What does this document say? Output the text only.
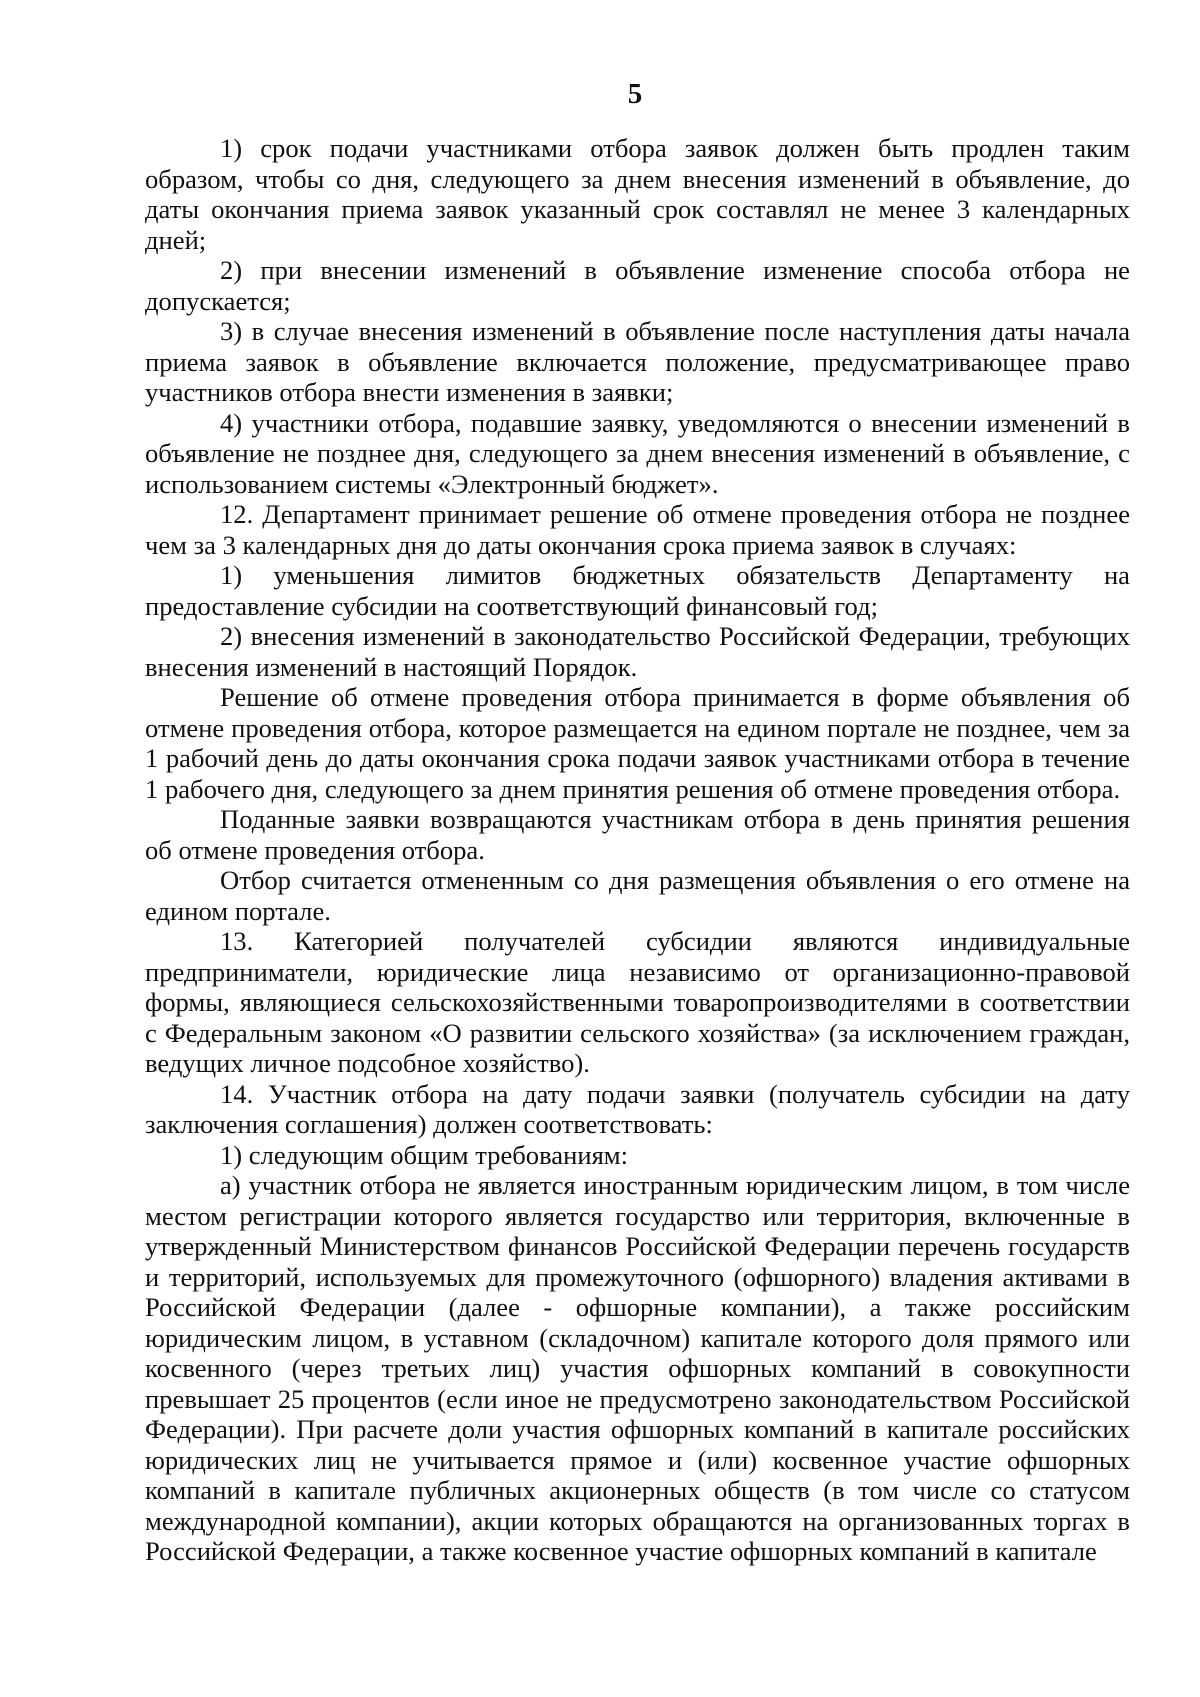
5

1) срок подачи участниками отбора заявок должен быть продлен таким образом, чтобы со дня, следующего за днем внесения изменений в объявление, до даты окончания приема заявок указанный срок составлял не менее 3 календарных дней;

2) при внесении изменений в объявление изменение способа отбора не допускается;

3) в случае внесения изменений в объявление после наступления даты начала приема заявок в объявление включается положение, предусматривающее право участников отбора внести изменения в заявки;

4) участники отбора, подавшие заявку, уведомляются о внесении изменений в объявление не позднее дня, следующего за днем внесения изменений в объявление, с использованием системы «Электронный бюджет».

12. Департамент принимает решение об отмене проведения отбора не позднее чем за 3 календарных дня до даты окончания срока приема заявок в случаях:

1) уменьшения лимитов бюджетных обязательств Департаменту на предоставление субсидии на соответствующий финансовый год;

2) внесения изменений в законодательство Российской Федерации, требующих внесения изменений в настоящий Порядок.

Решение об отмене проведения отбора принимается в форме объявления об отмене проведения отбора, которое размещается на едином портале не позднее, чем за 1 рабочий день до даты окончания срока подачи заявок участниками отбора в течение 1 рабочего дня, следующего за днем принятия решения об отмене проведения отбора.

Поданные заявки возвращаются участникам отбора в день принятия решения об отмене проведения отбора.

Отбор считается отмененным со дня размещения объявления о его отмене на едином портале.

13. Категорией получателей субсидии являются индивидуальные предприниматели, юридические лица независимо от организационно-правовой формы, являющиеся сельскохозяйственными товаропроизводителями в соответствии с Федеральным законом «О развитии сельского хозяйства» (за исключением граждан, ведущих личное подсобное хозяйство).

14. Участник отбора на дату подачи заявки (получатель субсидии на дату заключения соглашения) должен соответствовать:

1) следующим общим требованиям:

а) участник отбора не является иностранным юридическим лицом, в том числе местом регистрации которого является государство или территория, включенные в утвержденный Министерством финансов Российской Федерации перечень государств и территорий, используемых для промежуточного (офшорного) владения активами в Российской Федерации (далее - офшорные компании), а также российским юридическим лицом, в уставном (складочном) капитале которого доля прямого или косвенного (через третьих лиц) участия офшорных компаний в совокупности превышает 25 процентов (если иное не предусмотрено законодательством Российской Федерации). При расчете доли участия офшорных компаний в капитале российских юридических лиц не учитывается прямое и (или) косвенное участие офшорных компаний в капитале публичных акционерных обществ (в том числе со статусом международной компании), акции которых обращаются на организованных торгах в Российской Федерации, а также косвенное участие офшорных компаний в капитале
